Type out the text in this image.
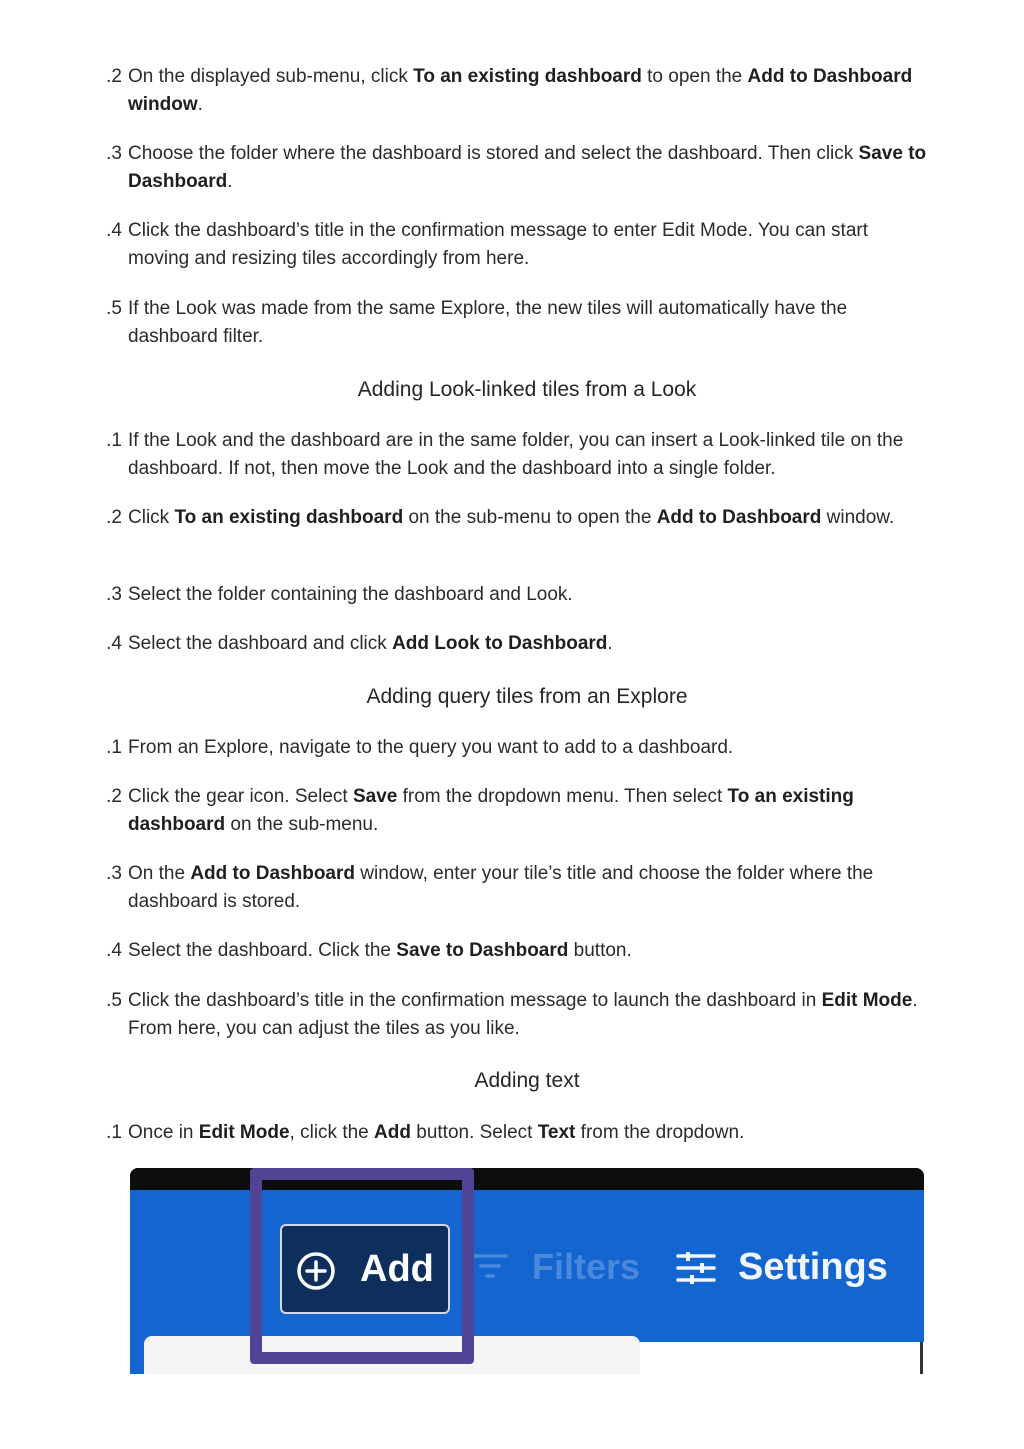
2. On the displayed sub-menu, click To an existing dashboard to open the Add to Dashboard window.
3. Choose the folder where the dashboard is stored and select the dashboard. Then click Save to Dashboard.
4. Click the dashboard’s title in the confirmation message to enter Edit Mode. You can start moving and resizing tiles accordingly from here.
5. If the Look was made from the same Explore, the new tiles will automatically have the dashboard filter.
Adding Look-linked tiles from a Look
1. If the Look and the dashboard are in the same folder, you can insert a Look-linked tile on the dashboard. If not, then move the Look and the dashboard into a single folder.
2. Click To an existing dashboard on the sub-menu to open the Add to Dashboard window.
3. Select the folder containing the dashboard and Look.
4. Select the dashboard and click Add Look to Dashboard.
Adding query tiles from an Explore
1. From an Explore, navigate to the query you want to add to a dashboard.
2. Click the gear icon. Select Save from the dropdown menu. Then select To an existing dashboard on the sub-menu.
3. On the Add to Dashboard window, enter your tile’s title and choose the folder where the dashboard is stored.
4. Select the dashboard. Click the Save to Dashboard button.
5. Click the dashboard’s title in the confirmation message to launch the dashboard in Edit Mode. From here, you can adjust the tiles as you like.
Adding text
1. Once in Edit Mode, click the Add button. Select Text from the dropdown.
Add	Filters	Settings
